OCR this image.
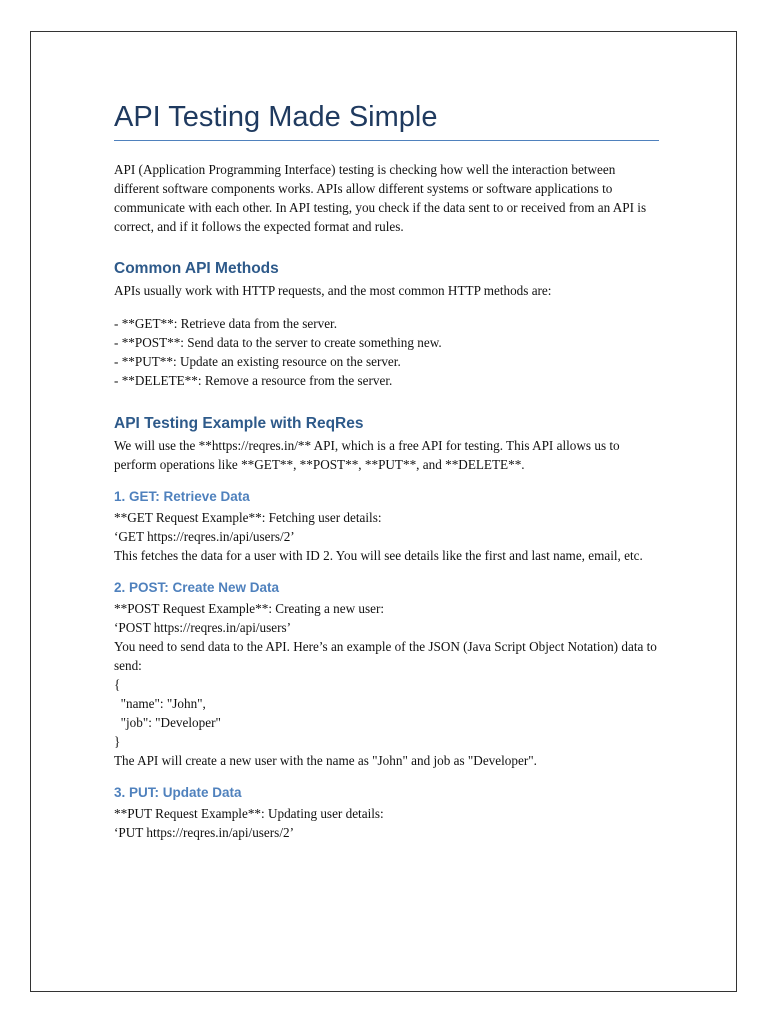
API Testing Made Simple

API (Application Programming Interface) testing is checking how well the interaction between different software components works. APIs allow different systems or software applications to communicate with each other. In API testing, you check if the data sent to or received from an API is correct, and if it follows the expected format and rules.

Common API Methods

APIs usually work with HTTP requests, and the most common HTTP methods are:

- **GET**: Retrieve data from the server.

- **POST**: Send data to the server to create something new.

- **PUT**: Update an existing resource on the server.

- **DELETE**: Remove a resource from the server.

API Testing Example with ReqRes

We will use the **https://reqres.in/** API, which is a free API for testing. This API allows us to perform operations like **GET**, **POST**, **PUT**, and **DELETE**.

1. GET: Retrieve Data

**GET Request Example**: Fetching user details:

‘GET https://reqres.in/api/users/2’

This fetches the data for a user with ID 2. You will see details like the first and last name, email, etc.

2. POST: Create New Data

**POST Request Example**: Creating a new user:

‘POST https://reqres.in/api/users’

You need to send data to the API. Here’s an example of the JSON (Java Script Object Notation) data to send:

{

"name": "John",

"job": "Developer"

}

The API will create a new user with the name as "John" and job as "Developer".

3. PUT: Update Data

**PUT Request Example**: Updating user details:

‘PUT https://reqres.in/api/users/2’
